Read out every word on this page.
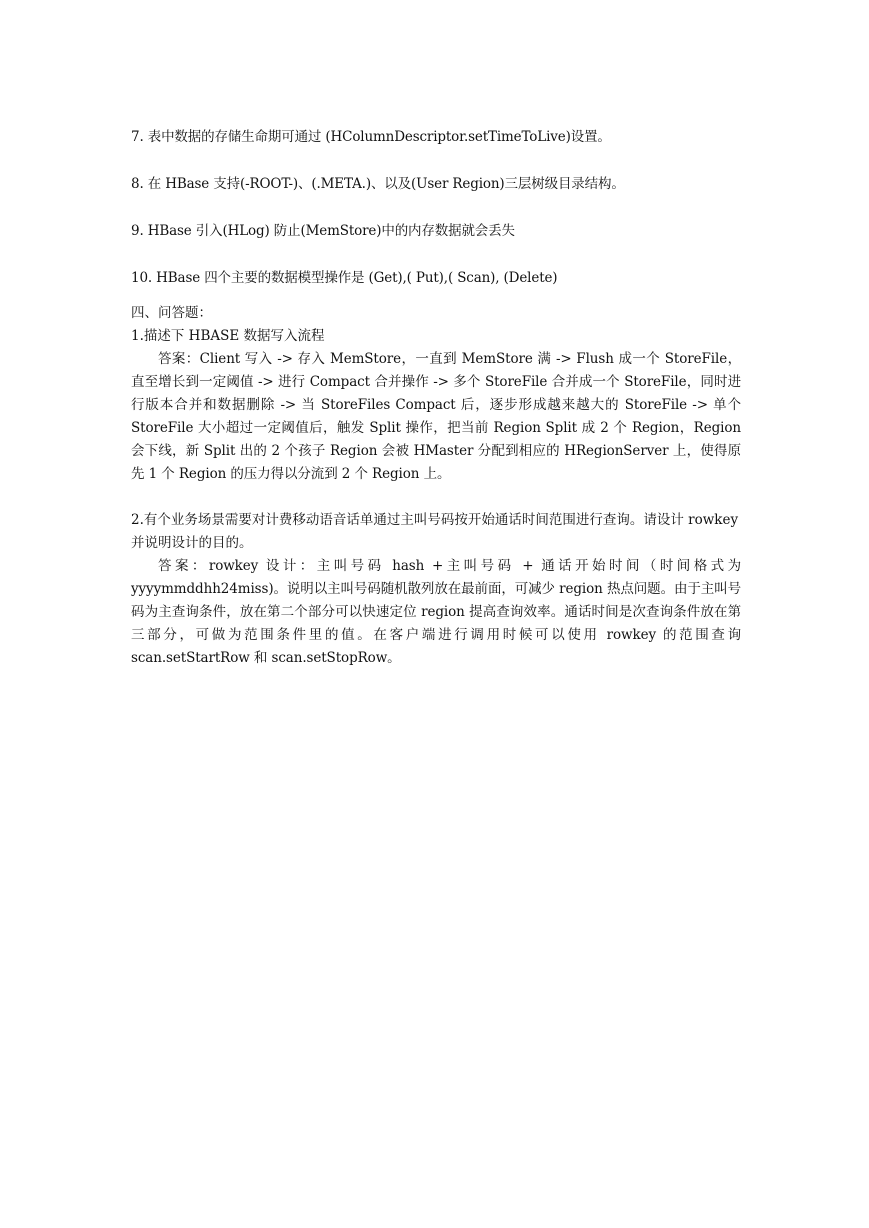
7. 表中数据的存储生命期可通过 (HColumnDescriptor.setTimeToLive)设置。

8. 在 HBase 支持(-ROOT-)、(.META.)、以及(User Region)三层树级目录结构。

9. HBase 引入(HLog) 防止(MemStore)中的内存数据就会丢失

10. HBase 四个主要的数据模型操作是 (Get),( Put),( Scan), (Delete)

四、问答题：

1.描述下 HBASE 数据写入流程

答案：Client 写入 -> 存入 MemStore，一直到 MemStore 满 -> Flush 成一个 StoreFile，直至增长到一定阈值 -> 进行 Compact 合并操作 -> 多个 StoreFile 合并成一个 StoreFile，同时进行版本合并和数据删除 -> 当 StoreFiles Compact 后，逐步形成越来越大的 StoreFile -> 单个 StoreFile 大小超过一定阈值后，触发 Split 操作，把当前 Region Split 成 2 个 Region，Region 会下线，新 Split 出的 2 个孩子 Region 会被 HMaster 分配到相应的 HRegionServer 上，使得原先 1 个 Region 的压力得以分流到 2 个 Region 上。

2.有个业务场景需要对计费移动语音话单通过主叫号码按开始通话时间范围进行查询。请设计 rowkey 并说明设计的目的。

答案：rowkey 设计：主叫号码 hash +主叫号码 + 通话开始时间（时间格式为 yyyymmddhh24miss)。说明以主叫号码随机散列放在最前面，可减少 region 热点问题。由于主叫号码为主查询条件，放在第二个部分可以快速定位 region 提高查询效率。通话时间是次查询条件放在第三部分，可做为范围条件里的值。在客户端进行调用时候可以使用 rowkey 的范围查询 scan.setStartRow 和 scan.setStopRow。
